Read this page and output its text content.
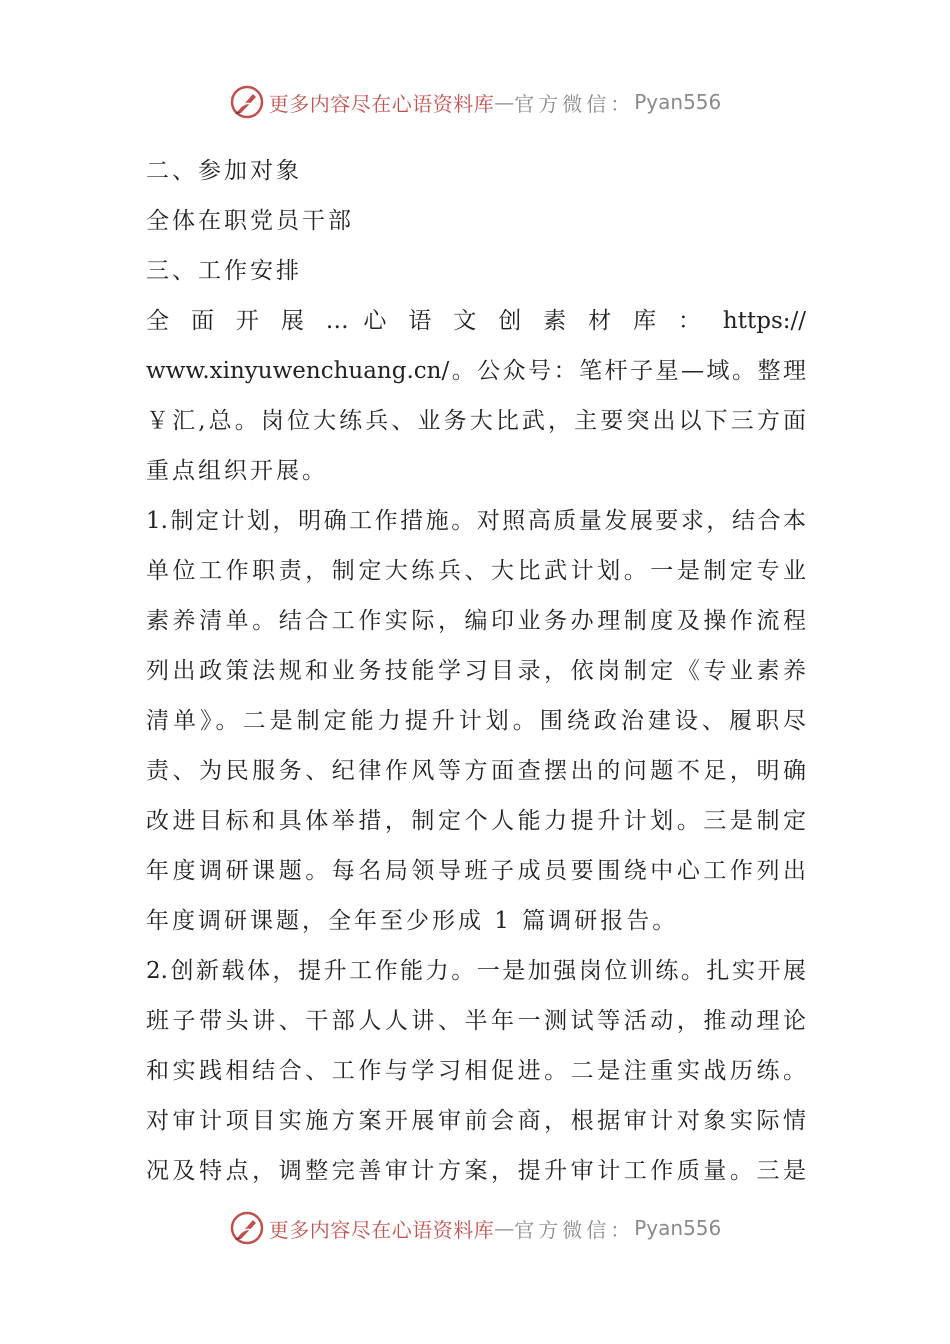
更多内容尽在心语资料库 — 官方微信： Pyan556
二、参加对象
全体在职党员干部
三、工作安排
全 面 开 展 … 心 语 文 创 素 材 库 ： https://
www.xinyuwenchuang.cn/。公众号：笔杆子星—域。整理
￥汇,总。岗位大练兵、业务大比武，主要突出以下三方面
重点组织开展。
1.制定计划，明确工作措施。对照高质量发展要求，结合本
单位工作职责，制定大练兵、大比武计划。一是制定专业
素养清单。结合工作实际，编印业务办理制度及操作流程
列出政策法规和业务技能学习目录，依岗制定《专业素养
清单》。二是制定能力提升计划。围绕政治建设、履职尽
责、为民服务、纪律作风等方面查摆出的问题不足，明确
改进目标和具体举措，制定个人能力提升计划。三是制定
年度调研课题。每名局领导班子成员要围绕中心工作列出
年度调研课题，全年至少形成 1 篇调研报告。
2.创新载体，提升工作能力。一是加强岗位训练。扎实开展
班子带头讲、干部人人讲、半年一测试等活动，推动理论
和实践相结合、工作与学习相促进。二是注重实战历练。
对审计项目实施方案开展审前会商，根据审计对象实际情
况及特点，调整完善审计方案，提升审计工作质量。三是
更多内容尽在心语资料库 — 官方微信： Pyan556
